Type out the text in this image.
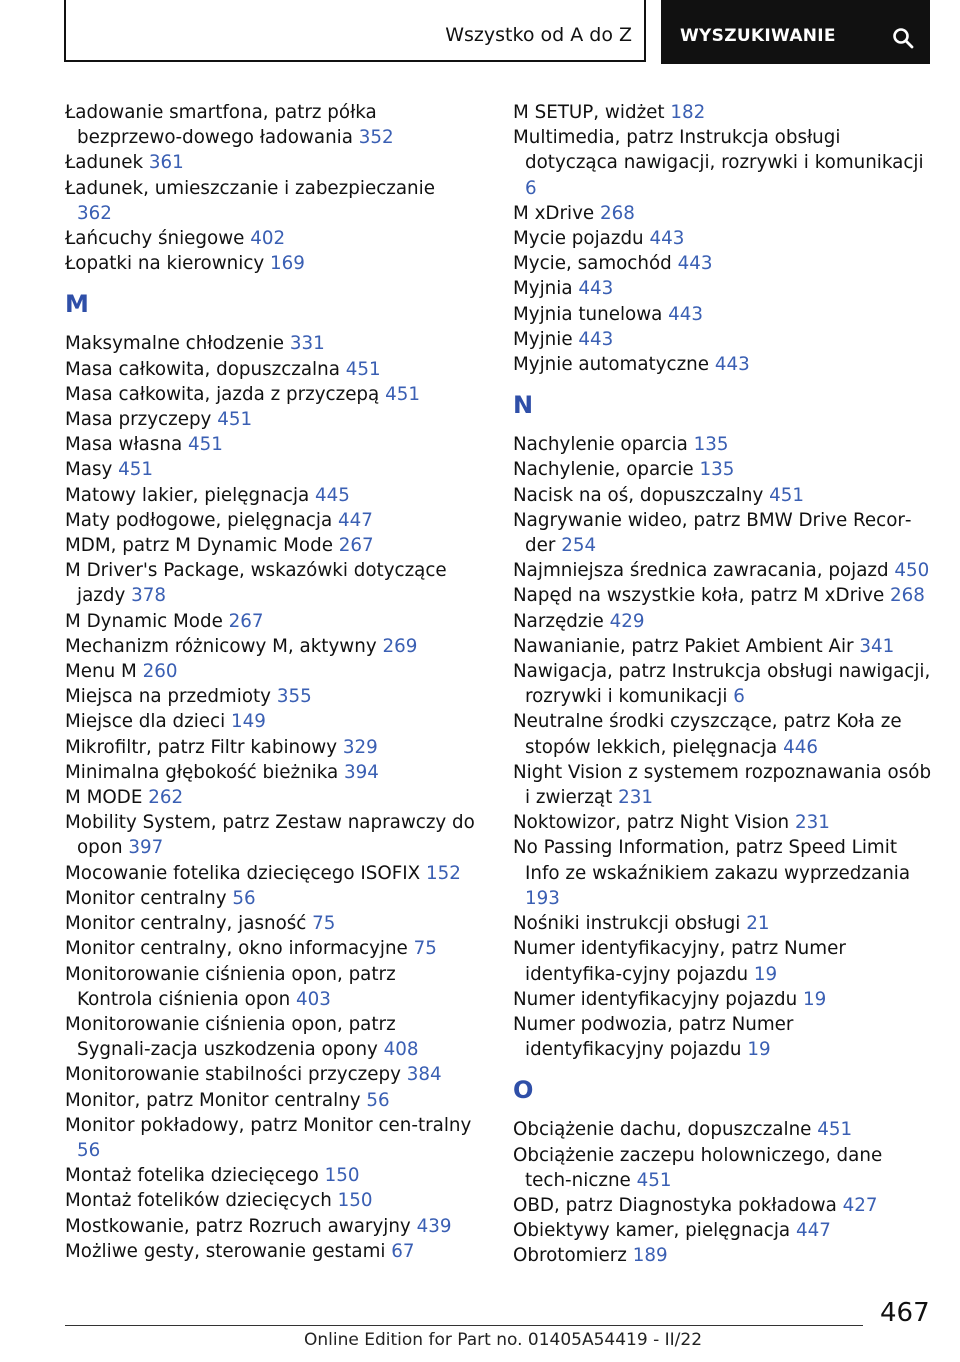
Wszystko od A do Z	WYSZUKIWANIE
Ładowanie smartfona, patrz półka bezprzewo‐dowego ładowania 352
Ładunek 361
Ładunek, umieszczanie i zabezpieczanie 362
Łańcuchy śniegowe 402
Łopatki na kierownicy 169
M
Maksymalne chłodzenie 331
Masa całkowita, dopuszczalna 451
Masa całkowita, jazda z przyczepą 451
Masa przyczepy 451
Masa własna 451
Masy 451
Matowy lakier, pielęgnacja 445
Maty podłogowe, pielęgnacja 447
MDM, patrz M Dynamic Mode 267
M Driver's Package, wskazówki dotyczące jazdy 378
M Dynamic Mode 267
Mechanizm różnicowy M, aktywny 269
Menu M 260
Miejsca na przedmioty 355
Miejsce dla dzieci 149
Mikrofiltr, patrz Filtr kabinowy 329
Minimalna głębokość bieżnika 394
M MODE 262
Mobility System, patrz Zestaw naprawczy do opon 397
Mocowanie fotelika dziecięcego ISOFIX 152
Monitor centralny 56
Monitor centralny, jasność 75
Monitor centralny, okno informacyjne 75
Monitorowanie ciśnienia opon, patrz Kontrola ciśnienia opon 403
Monitorowanie ciśnienia opon, patrz Sygnali‐zacja uszkodzenia opony 408
Monitorowanie stabilności przyczepy 384
Monitor, patrz Monitor centralny 56
Monitor pokładowy, patrz Monitor cen‐tralny 56
Montaż fotelika dziecięcego 150
Montaż fotelików dziecięcych 150
Mostkowanie, patrz Rozruch awaryjny 439
Możliwe gesty, sterowanie gestami 67
M SETUP, widżet 182
Multimedia, patrz Instrukcja obsługi dotycząca nawigacji, rozrywki i komunikacji 6
M xDrive 268
Mycie pojazdu 443
Mycie, samochód 443
Myjnia 443
Myjnia tunelowa 443
Myjnie 443
Myjnie automatyczne 443
N
Nachylenie oparcia 135
Nachylenie, oparcie 135
Nacisk na oś, dopuszczalny 451
Nagrywanie wideo, patrz BMW Drive Recor‐der 254
Najmniejsza średnica zawracania, pojazd 450
Napęd na wszystkie koła, patrz M xDrive 268
Narzędzie 429
Nawanianie, patrz Pakiet Ambient Air 341
Nawigacja, patrz Instrukcja obsługi nawigacji, rozrywki i komunikacji 6
Neutralne środki czyszczące, patrz Koła ze stopów lekkich, pielęgnacja 446
Night Vision z systemem rozpoznawania osób i zwierząt 231
Noktowizor, patrz Night Vision 231
No Passing Information, patrz Speed Limit Info ze wskaźnikiem zakazu wyprzedzania 193
Nośniki instrukcji obsługi 21
Numer identyfikacyjny, patrz Numer identyfika‐cyjny pojazdu 19
Numer identyfikacyjny pojazdu 19
Numer podwozia, patrz Numer identyfikacyjny pojazdu 19
O
Obciążenie dachu, dopuszczalne 451
Obciążenie zaczepu holowniczego, dane tech‐niczne 451
OBD, patrz Diagnostyka pokładowa 427
Obiektywy kamer, pielęgnacja 447
Obrotomierz 189
467
Online Edition for Part no. 01405A54419 - II/22
